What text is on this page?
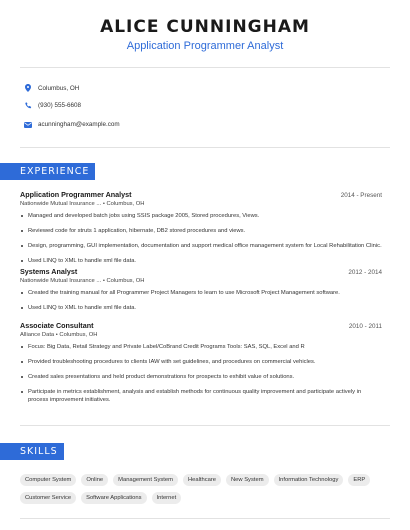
ALICE CUNNINGHAM
Application Programmer Analyst
Columbus, OH
(930) 555-6608
acunningham@example.com
EXPERIENCE
Application Programmer Analyst	2014 - Present
Nationwide Mutual Insurance ... • Columbus, OH
Managed and developed batch jobs using SSIS package 2005, Stored procedures, Views.
Reviewed code for struts 1 application, hibernate, DB2 stored procedures and views.
Design, programming, GUI implementation, documentation and support medical office management system for Local Rehabilitation Clinic.
Used LINQ to XML to handle xml file data.
Systems Analyst	2012 - 2014
Nationwide Mutual Insurance ... • Columbus, OH
Created the training manual for all Programmer Project Managers to learn to use Microsoft Project Management software.
Used LINQ to XML to handle xml file data.
Associate Consultant	2010 - 2011
Alliance Data • Columbus, OH
Focus: Big Data, Retail Strategy and Private Label/CoBrand Credit Programs Tools: SAS, SQL, Excel and R
Provided troubleshooting procedures to clients IAW with set guidelines, and procedures on commercial vehicles.
Created sales presentations and held product demonstrations for prospects to exhibit value of solutions.
Participate in metrics establishment, analysis and establish methods for continuous quality improvement and participate actively in process improvement initiatives.
SKILLS
Computer System	Online	Management System	Healthcare	New System	Information Technology	ERP
Customer Service	Software Applications	Internet
